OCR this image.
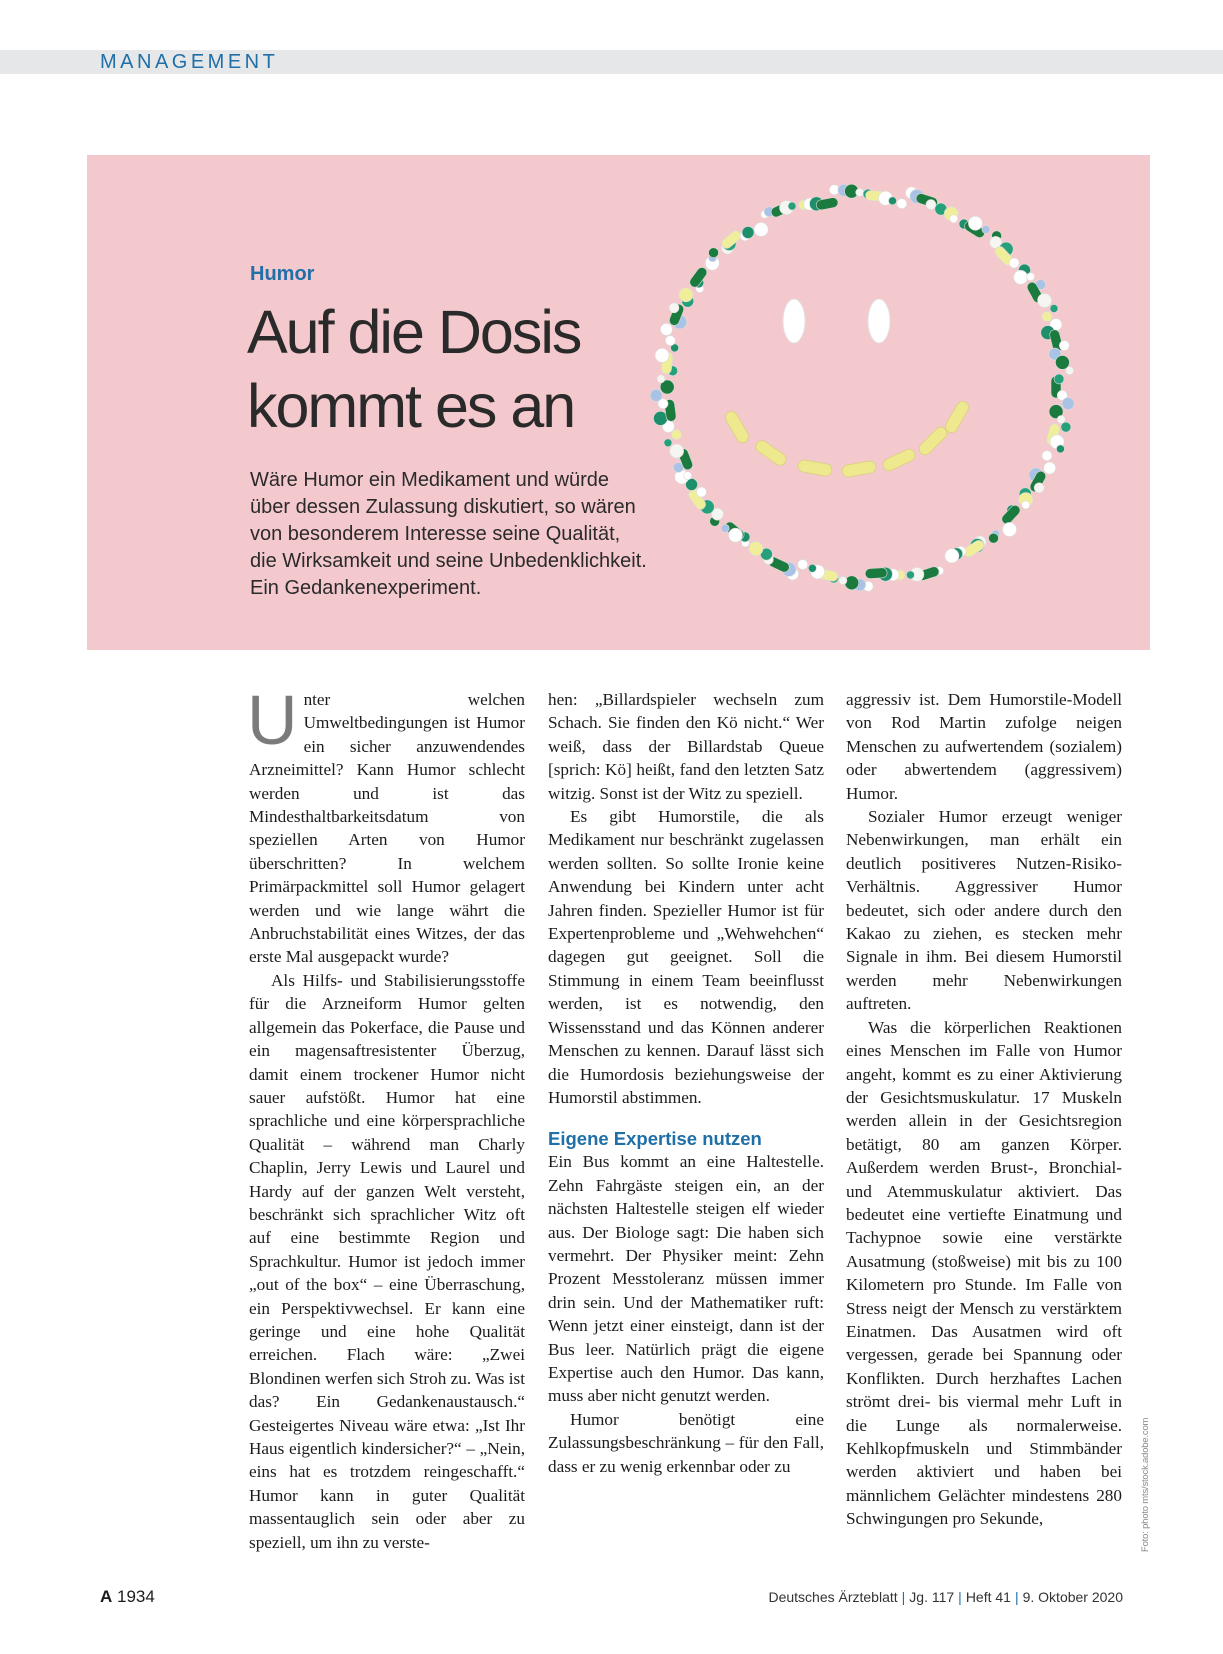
MANAGEMENT
Humor
Auf die Dosis
kommt es an

Wäre Humor ein Medikament und würde
über dessen Zulassung diskutiert, so wären
von besonderem Interesse seine Qualität,
die Wirksamkeit und seine Unbedenklichkeit.
Ein Gedankenexperiment.

Unter welchen Umweltbedingungen ist Humor ein sicher anzuwendendes Arzneimittel? Kann Humor schlecht werden und ist das Mindesthaltbarkeitsdatum von speziellen Arten von Humor überschritten? In welchem Primärpackmittel soll Humor gelagert werden und wie lange währt die Anbruchstabilität eines Witzes, der das erste Mal ausgepackt wurde?

Als Hilfs- und Stabilisierungsstoffe für die Arzneiform Humor gelten allgemein das Pokerface, die Pause und ein magensaftresistenter Überzug, damit einem trockener Humor nicht sauer aufstößt. Humor hat eine sprachliche und eine körpersprachliche Qualität – während man Charly Chaplin, Jerry Lewis und Laurel und Hardy auf der ganzen Welt versteht, beschränkt sich sprachlicher Witz oft auf eine bestimmte Region und Sprachkultur. Humor ist jedoch immer „out of the box“ – eine Überraschung, ein Perspektivwechsel. Er kann eine geringe und eine hohe Qualität erreichen. Flach wäre: „Zwei Blondinen werfen sich Stroh zu. Was ist das? Ein Gedankenaustausch.“ Gesteigertes Niveau wäre etwa: „Ist Ihr Haus eigentlich kindersicher?“ – „Nein, eins hat es trotzdem reingeschafft.“ Humor kann in guter Qualität massentauglich sein oder aber zu speziell, um ihn zu verste-

hen: „Billardspieler wechseln zum Schach. Sie finden den Kö nicht.“ Wer weiß, dass der Billardstab Queue [sprich: Kö] heißt, fand den letzten Satz witzig. Sonst ist der Witz zu speziell.

Es gibt Humorstile, die als Medikament nur beschränkt zugelassen werden sollten. So sollte Ironie keine Anwendung bei Kindern unter acht Jahren finden. Spezieller Humor ist für Expertenprobleme und „Wehwehchen“ dagegen gut geeignet. Soll die Stimmung in einem Team beeinflusst werden, ist es notwendig, den Wissensstand und das Können anderer Menschen zu kennen. Darauf lässt sich die Humordosis beziehungsweise der Humorstil abstimmen.

Eigene Expertise nutzen

Ein Bus kommt an eine Haltestelle. Zehn Fahrgäste steigen ein, an der nächsten Haltestelle steigen elf wieder aus. Der Biologe sagt: Die haben sich vermehrt. Der Physiker meint: Zehn Prozent Messtoleranz müssen immer drin sein. Und der Mathematiker ruft: Wenn jetzt einer einsteigt, dann ist der Bus leer. Natürlich prägt die eigene Expertise auch den Humor. Das kann, muss aber nicht genutzt werden.

Humor benötigt eine Zulassungsbeschränkung – für den Fall, dass er zu wenig erkennbar oder zu

aggressiv ist. Dem Humorstile-Modell von Rod Martin zufolge neigen Menschen zu aufwertendem (sozialem) oder abwertendem (aggressivem) Humor.

Sozialer Humor erzeugt weniger Nebenwirkungen, man erhält ein deutlich positiveres Nutzen-Risiko-Verhältnis. Aggressiver Humor bedeutet, sich oder andere durch den Kakao zu ziehen, es stecken mehr Signale in ihm. Bei diesem Humorstil werden mehr Nebenwirkungen auftreten.

Was die körperlichen Reaktionen eines Menschen im Falle von Humor angeht, kommt es zu einer Aktivierung der Gesichtsmuskulatur. 17 Muskeln werden allein in der Gesichtsregion betätigt, 80 am ganzen Körper. Außerdem werden Brust-, Bronchial- und Atemmuskulatur aktiviert. Das bedeutet eine vertiefte Einatmung und Tachypnoe sowie eine verstärkte Ausatmung (stoßweise) mit bis zu 100 Kilometern pro Stunde. Im Falle von Stress neigt der Mensch zu verstärktem Einatmen. Das Ausatmen wird oft vergessen, gerade bei Spannung oder Konflikten. Durch herzhaftes Lachen strömt drei- bis viermal mehr Luft in die Lunge als normalerweise. Kehlkopfmuskeln und Stimmbänder werden aktiviert und haben bei männlichem Gelächter mindestens 280 Schwingungen pro Sekunde,	Foto: photo mts/stock.adobe.com
A 1934	Deutsches Ärzteblatt | Jg. 117 | Heft 41 | 9. Oktober 2020
